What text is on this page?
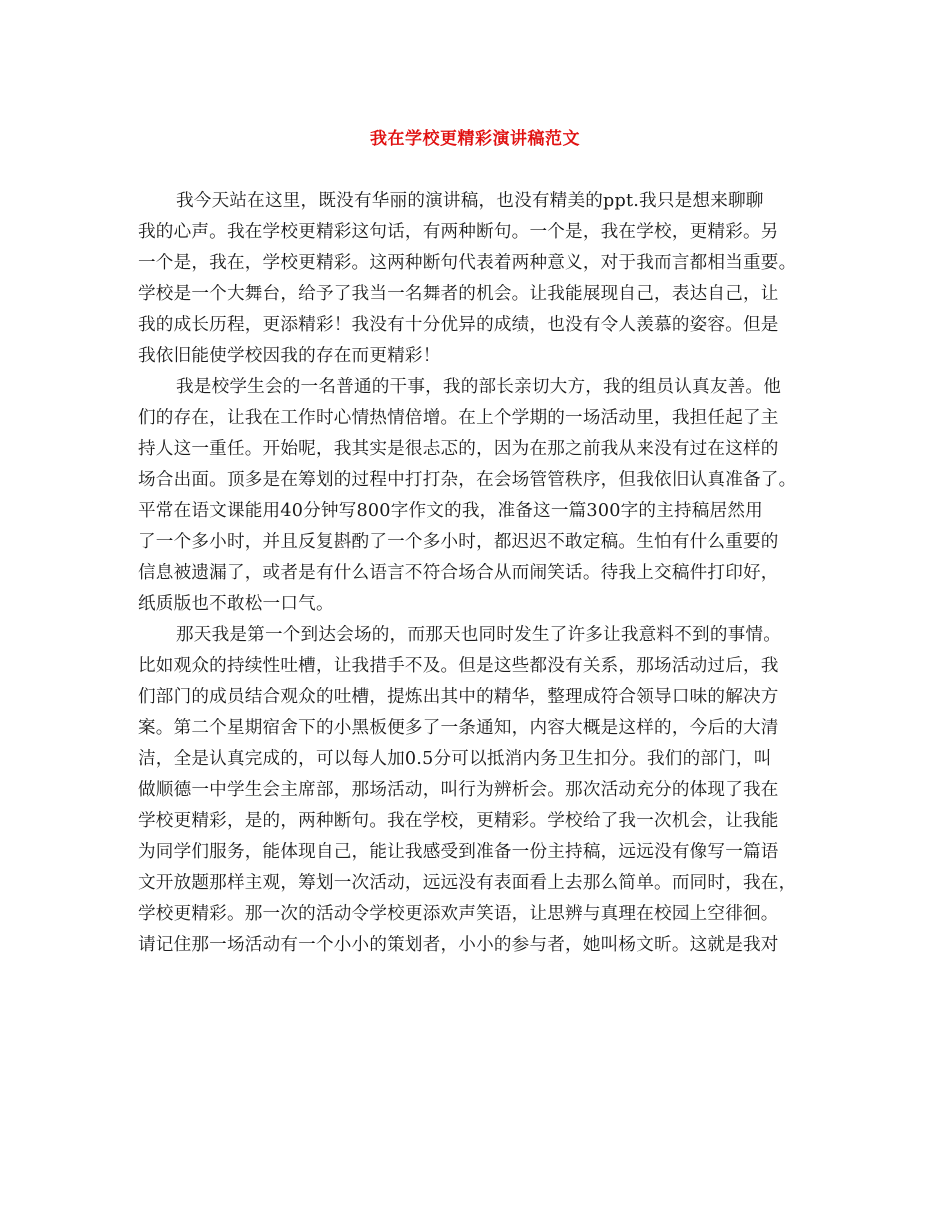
我在学校更精彩演讲稿范文
我今天站在这里，既没有华丽的演讲稿，也没有精美的ppt.我只是想来聊聊
我的心声。我在学校更精彩这句话，有两种断句。一个是，我在学校，更精彩。另
一个是，我在，学校更精彩。这两种断句代表着两种意义，对于我而言都相当重要。
学校是一个大舞台，给予了我当一名舞者的机会。让我能展现自己，表达自己，让
我的成长历程，更添精彩！我没有十分优异的成绩，也没有令人羡慕的姿容。但是
我依旧能使学校因我的存在而更精彩！
我是校学生会的一名普通的干事，我的部长亲切大方，我的组员认真友善。他
们的存在，让我在工作时心情热情倍增。在上个学期的一场活动里，我担任起了主
持人这一重任。开始呢，我其实是很忐忑的，因为在那之前我从来没有过在这样的
场合出面。顶多是在筹划的过程中打打杂，在会场管管秩序，但我依旧认真准备了。
平常在语文课能用40分钟写800字作文的我，准备这一篇300字的主持稿居然用
了一个多小时，并且反复斟酌了一个多小时，都迟迟不敢定稿。生怕有什么重要的
信息被遗漏了，或者是有什么语言不符合场合从而闹笑话。待我上交稿件打印好，
纸质版也不敢松一口气。
那天我是第一个到达会场的，而那天也同时发生了许多让我意料不到的事情。
比如观众的持续性吐槽，让我措手不及。但是这些都没有关系，那场活动过后，我
们部门的成员结合观众的吐槽，提炼出其中的精华，整理成符合领导口味的解决方
案。第二个星期宿舍下的小黑板便多了一条通知，内容大概是这样的，今后的大清
洁，全是认真完成的，可以每人加0.5分可以抵消内务卫生扣分。我们的部门，叫
做顺德一中学生会主席部，那场活动，叫行为辨析会。那次活动充分的体现了我在
学校更精彩，是的，两种断句。我在学校，更精彩。学校给了我一次机会，让我能
为同学们服务，能体现自己，能让我感受到准备一份主持稿，远远没有像写一篇语
文开放题那样主观，筹划一次活动，远远没有表面看上去那么简单。而同时，我在，
学校更精彩。那一次的活动令学校更添欢声笑语，让思辨与真理在校园上空徘徊。
请记住那一场活动有一个小小的策划者，小小的参与者，她叫杨文昕。这就是我对
